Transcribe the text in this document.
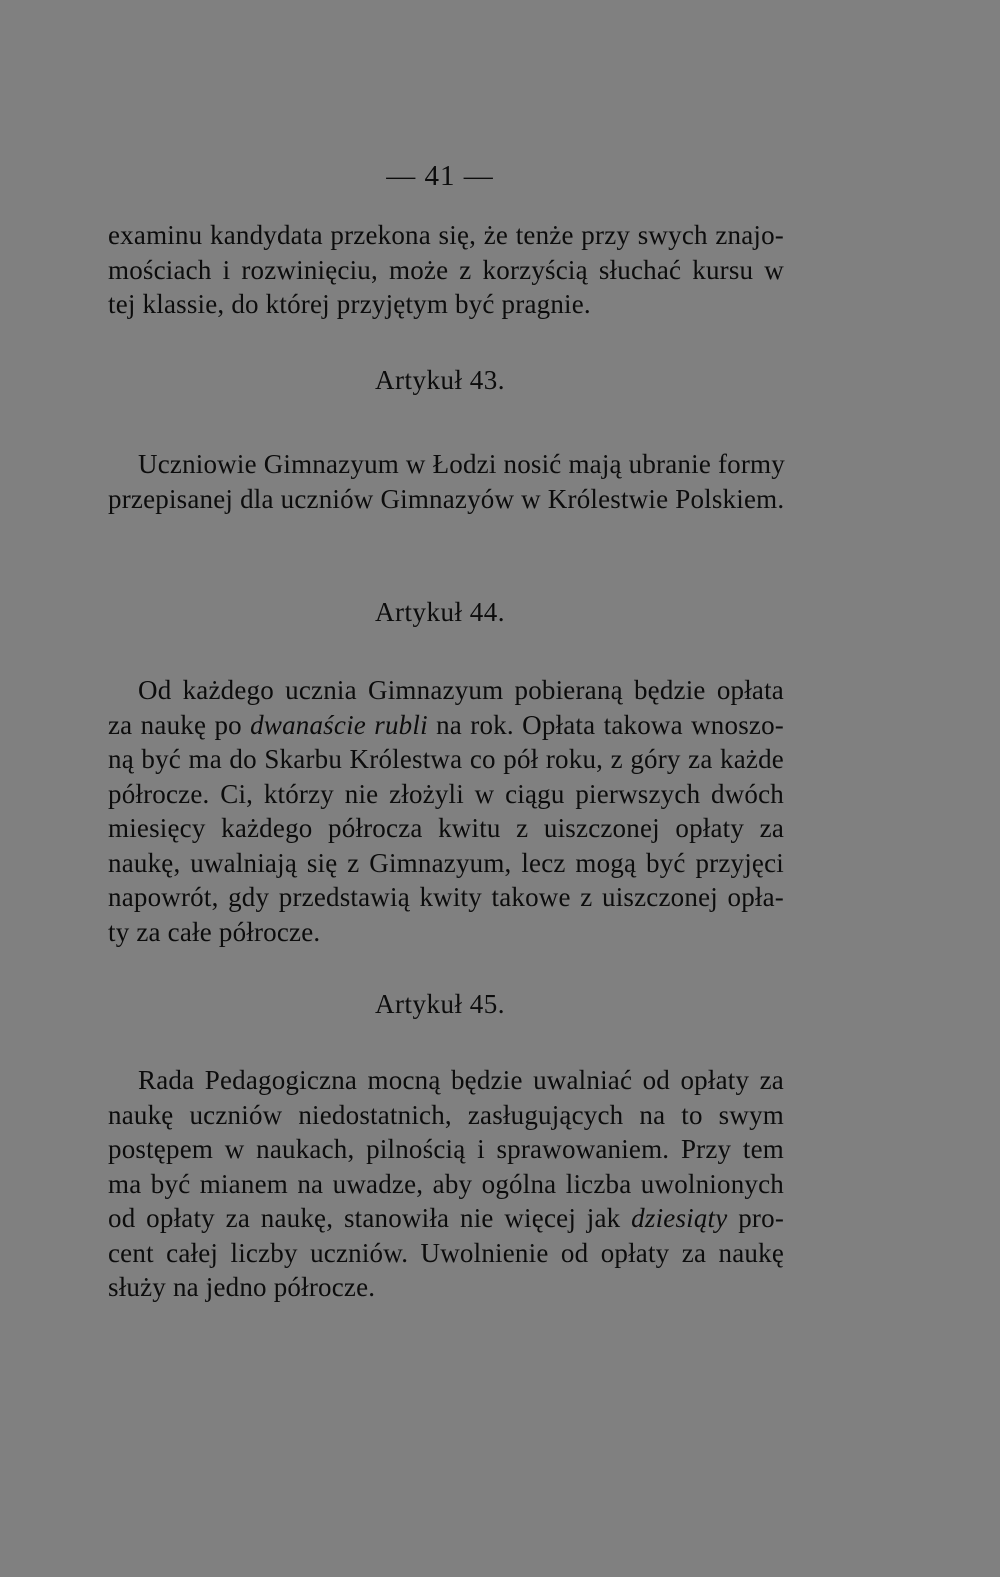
— 41 —
examinu kandydata przekona się, że tenże przy swych znajo-
mościach i rozwinięciu, może z korzyścią słuchać kursu w
tej klassie, do której przyjętym być pragnie.
Artykuł 43.
Uczniowie Gimnazyum w Łodzi nosić mają ubranie formy
przepisanej dla uczniów Gimnazyów w Królestwie Polskiem.
Artykuł 44.
Od każdego ucznia Gimnazyum pobieraną będzie opłata
za naukę po dwanaście rubli na rok. Opłata takowa wnoszo-
ną być ma do Skarbu Królestwa co pół roku, z góry za każde
półrocze. Ci, którzy nie złożyli w ciągu pierwszych dwóch
miesięcy każdego półrocza kwitu z uiszczonej opłaty za
naukę, uwalniają się z Gimnazyum, lecz mogą być przyjęci
napowrót, gdy przedstawią kwity takowe z uiszczonej opła-
ty za całe półrocze.
Artykuł 45.
Rada Pedagogiczna mocną będzie uwalniać od opłaty za
naukę uczniów niedostatnich, zasługujących na to swym
postępem w naukach, pilnością i sprawowaniem. Przy tem
ma być mianem na uwadze, aby ogólna liczba uwolnionych
od opłaty za naukę, stanowiła nie więcej jak dziesiąty pro-
cent całej liczby uczniów. Uwolnienie od opłaty za naukę
służy na jedno półrocze.
